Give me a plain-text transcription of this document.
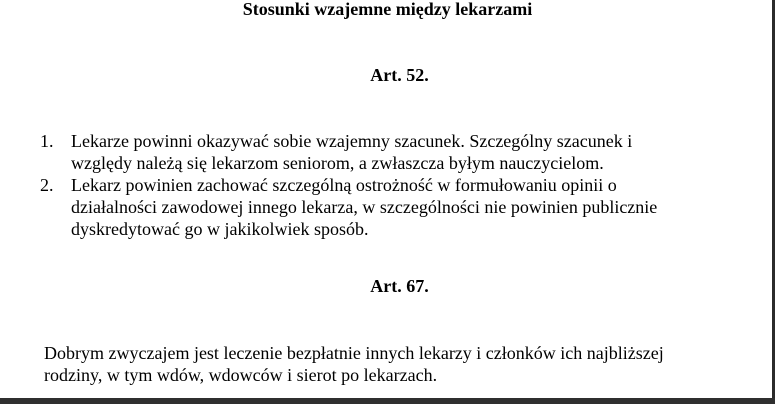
Stosunki wzajemne między lekarzami
Art. 52.
1. Lekarze powinni okazywać sobie wzajemny szacunek. Szczególny szacunek i
względy należą się lekarzom seniorom, a zwłaszcza byłym nauczycielom.
2. Lekarz powinien zachować szczególną ostrożność w formułowaniu opinii o
działalności zawodowej innego lekarza, w szczególności nie powinien publicznie
dyskredytować go w jakikolwiek sposób.
Art. 67.
Dobrym zwyczajem jest leczenie bezpłatnie innych lekarzy i członków ich najbliższej
rodziny, w tym wdów, wdowców i sierot po lekarzach.
